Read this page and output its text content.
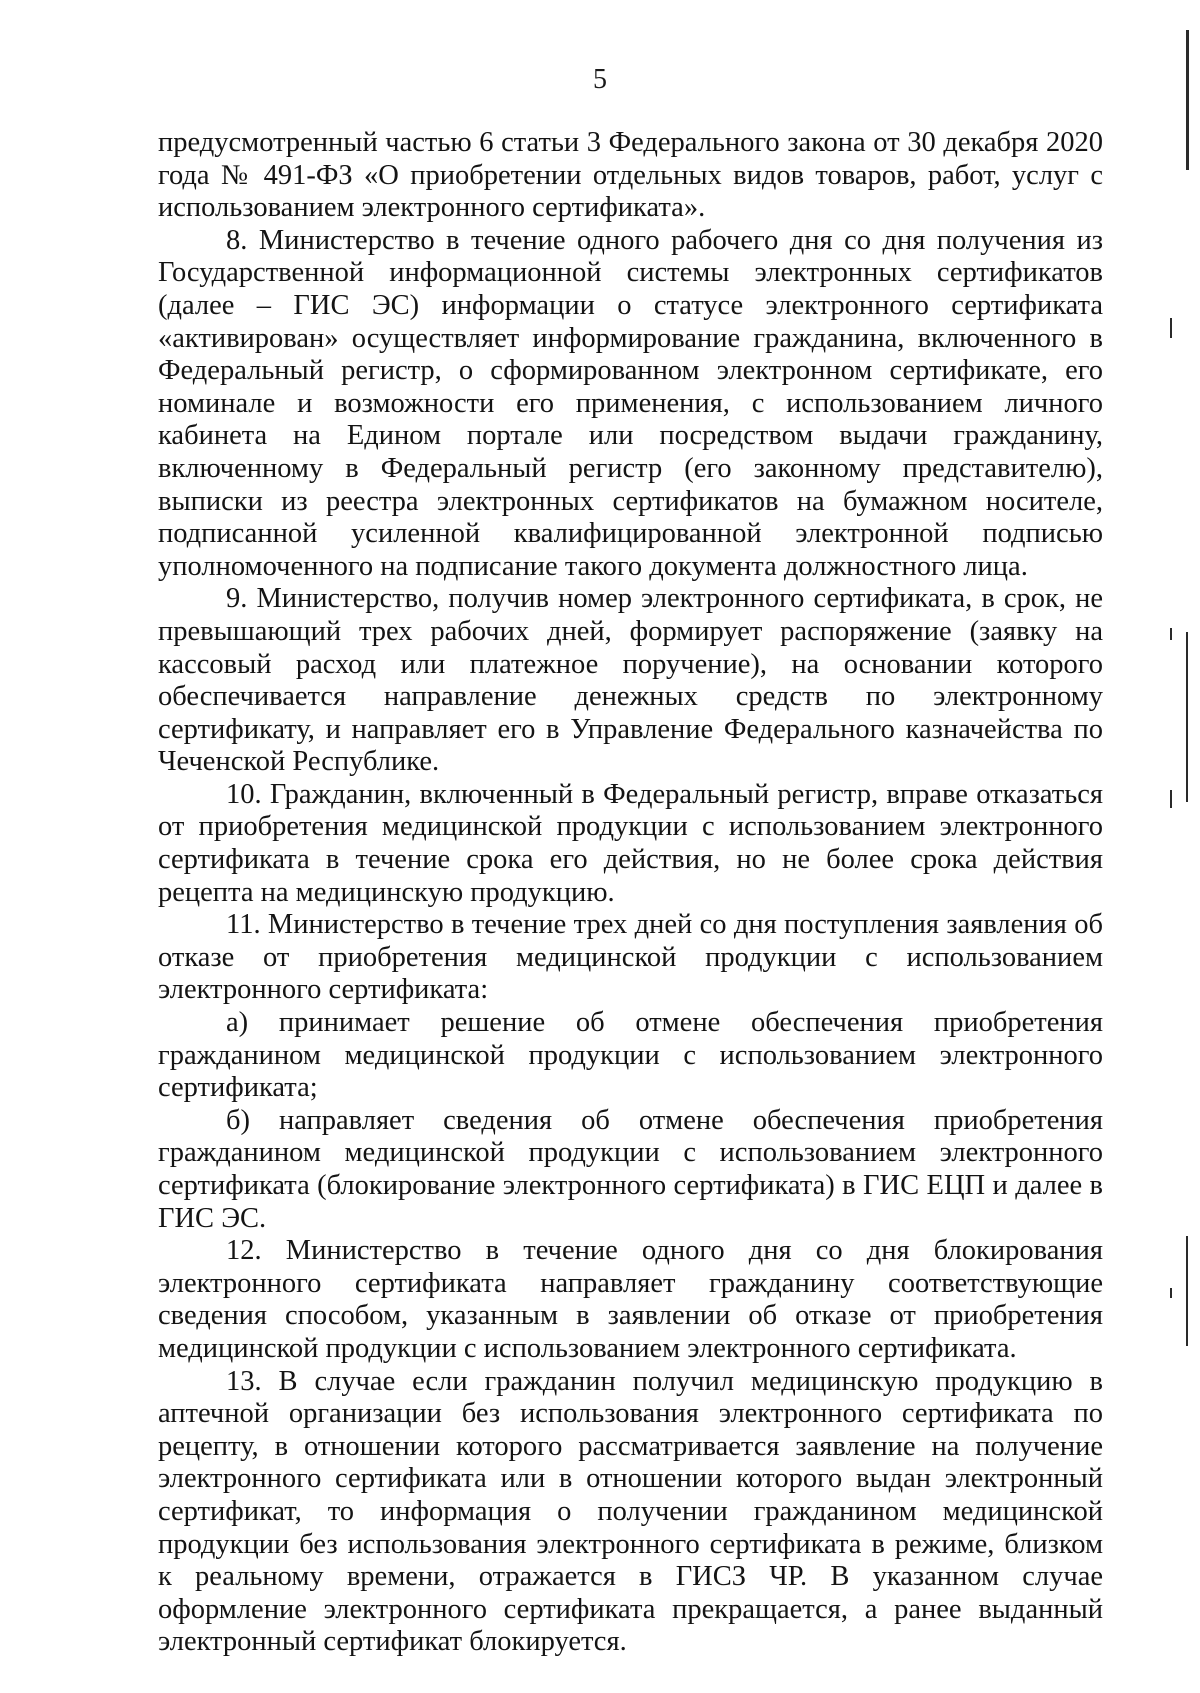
5

предусмотренный частью 6 статьи 3 Федерального закона от 30 декабря 2020 года № 491-ФЗ «О приобретении отдельных видов товаров, работ, услуг с использованием электронного сертификата».

8. Министерство в течение одного рабочего дня со дня получения из Государственной информационной системы электронных сертификатов (далее – ГИС ЭС) информации о статусе электронного сертификата «активирован» осуществляет информирование гражданина, включенного в Федеральный регистр, о сформированном электронном сертификате, его номинале и возможности его применения, с использованием личного кабинета на Едином портале или посредством выдачи гражданину, включенному в Федеральный регистр (его законному представителю), выписки из реестра электронных сертификатов на бумажном носителе, подписанной усиленной квалифицированной электронной подписью уполномоченного на подписание такого документа должностного лица.

9. Министерство, получив номер электронного сертификата, в срок, не превышающий трех рабочих дней, формирует распоряжение (заявку на кассовый расход или платежное поручение), на основании которого обеспечивается направление денежных средств по электронному сертификату, и направляет его в Управление Федерального казначейства по Чеченской Республике.

10. Гражданин, включенный в Федеральный регистр, вправе отказаться от приобретения медицинской продукции с использованием электронного сертификата в течение срока его действия, но не более срока действия рецепта на медицинскую продукцию.

11. Министерство в течение трех дней со дня поступления заявления об отказе от приобретения медицинской продукции с использованием электронного сертификата:

а) принимает решение об отмене обеспечения приобретения гражданином медицинской продукции с использованием электронного сертификата;

б) направляет сведения об отмене обеспечения приобретения гражданином медицинской продукции с использованием электронного сертификата (блокирование электронного сертификата) в ГИС ЕЦП и далее в ГИС ЭС.

12. Министерство в течение одного дня со дня блокирования электронного сертификата направляет гражданину соответствующие сведения способом, указанным в заявлении об отказе от приобретения медицинской продукции с использованием электронного сертификата.

13. В случае если гражданин получил медицинскую продукцию в аптечной организации без использования электронного сертификата по рецепту, в отношении которого рассматривается заявление на получение электронного сертификата или в отношении которого выдан электронный сертификат, то информация о получении гражданином медицинской продукции без использования электронного сертификата в режиме, близком к реальному времени, отражается в ГИСЗ ЧР. В указанном случае оформление электронного сертификата прекращается, а ранее выданный электронный сертификат блокируется.
